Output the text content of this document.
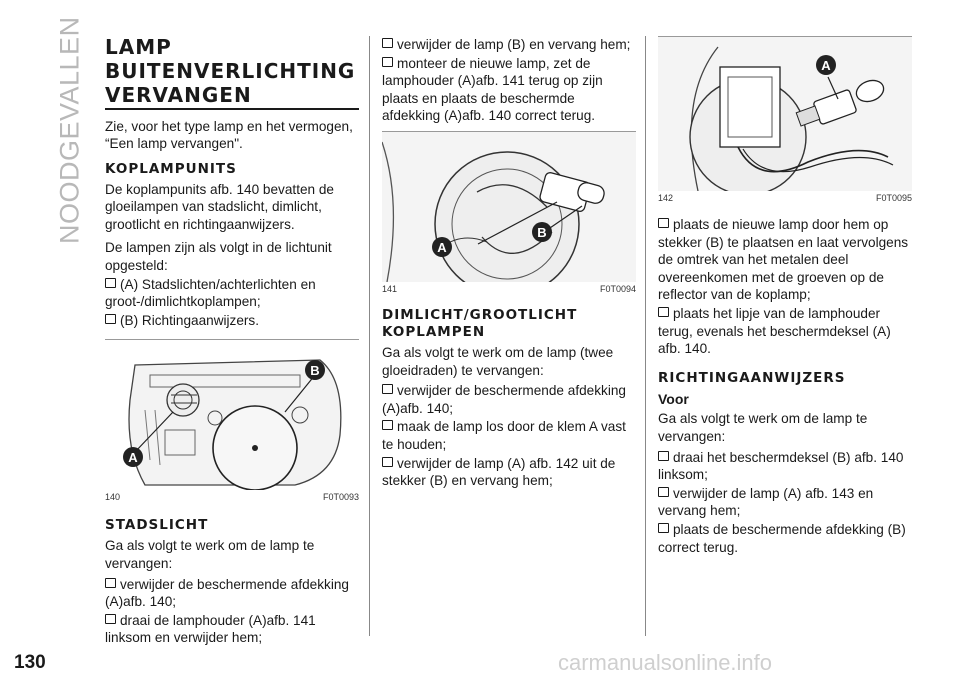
NOODGEVALLEN
130	carmanualsonline.info
LAMP
BUITENVERLICHTING
VERVANGEN

Zie, voor het type lamp en het vermogen, “Een lamp vervangen".

KOPLAMPUNITS

De koplampunits afb. 140 bevatten de gloeilampen van stadslicht, dimlicht, grootlicht en richtingaanwijzers.

De lampen zijn als volgt in de lichtunit opgesteld:

(A) Stadslichten/achterlichten en groot-/dimlichtkoplampen;
(B) Richtingaanwijzers.
B
A
140	F0T0093
STADSLICHT

Ga als volgt te werk om de lamp te vervangen:

verwijder de beschermende afdekking (A)afb. 140;
draai de lamphouder (A)afb. 141 linksom en verwijder hem;
verwijder de lamp (B) en vervang hem;
monteer de nieuwe lamp, zet de lamphouder (A)afb. 141 terug op zijn plaats en plaats de beschermde afdekking (A)afb. 140 correct terug.
A
B
141	F0T0094
DIMLICHT/GROOTLICHT
KOPLAMPEN

Ga als volgt te werk om de lamp (twee gloeidraden) te vervangen:

verwijder de beschermende afdekking (A)afb. 140;
maak de lamp los door de klem A vast te houden;
verwijder de lamp (A) afb. 142 uit de stekker (B) en vervang hem;
A
142	F0T0095
plaats de nieuwe lamp door hem op stekker (B) te plaatsen en laat vervolgens de omtrek van het metalen deel overeenkomen met de groeven op de reflector van de koplamp;
plaats het lipje van de lamphouder terug, evenals het beschermdeksel (A) afb. 140.
RICHTINGAANWIJZERS
Voor

Ga als volgt te werk om de lamp te vervangen:

draai het beschermdeksel (B) afb. 140 linksom;
verwijder de lamp (A) afb. 143 en vervang hem;
plaats de beschermende afdekking (B) correct terug.
